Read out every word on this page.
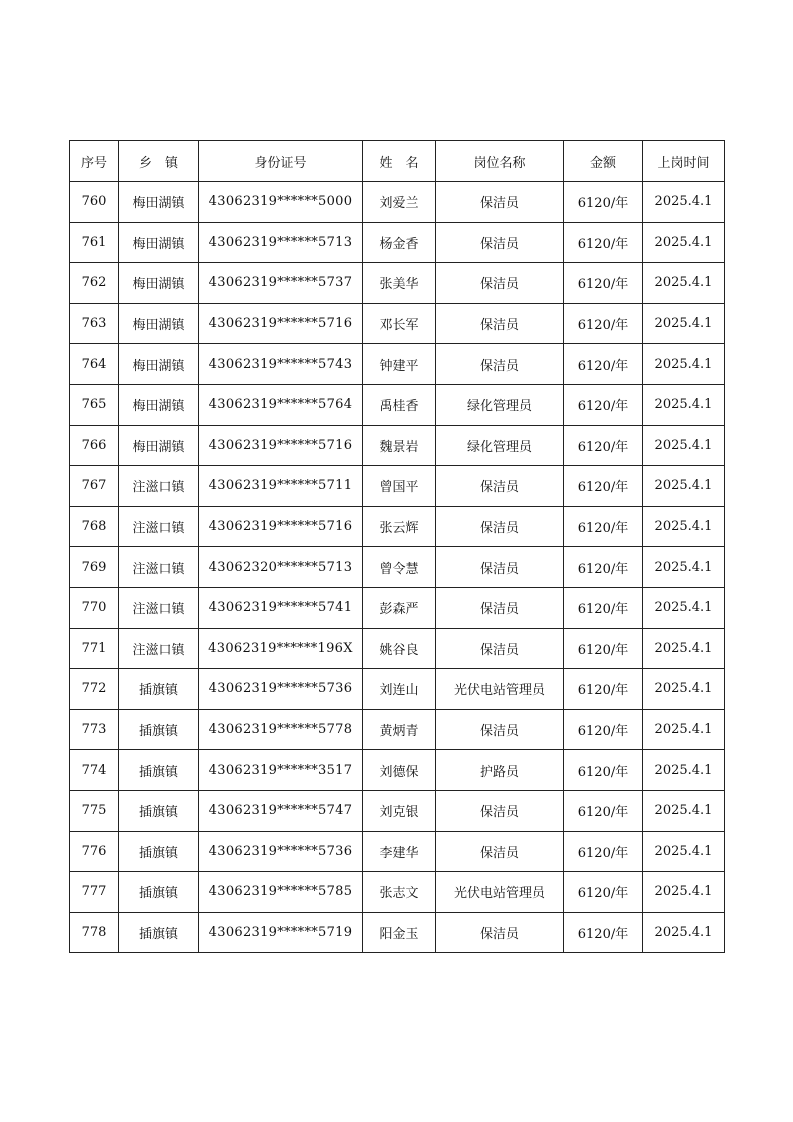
序号	乡　镇	身份证号	姓　名	岗位名称	金额	上岗时间
760	梅田湖镇	43062319******5000	刘爱兰	保洁员	6120/年	2025.4.1
761	梅田湖镇	43062319******5713	杨金香	保洁员	6120/年	2025.4.1
762	梅田湖镇	43062319******5737	张美华	保洁员	6120/年	2025.4.1
763	梅田湖镇	43062319******5716	邓长军	保洁员	6120/年	2025.4.1
764	梅田湖镇	43062319******5743	钟建平	保洁员	6120/年	2025.4.1
765	梅田湖镇	43062319******5764	禹桂香	绿化管理员	6120/年	2025.4.1
766	梅田湖镇	43062319******5716	魏景岩	绿化管理员	6120/年	2025.4.1
767	注滋口镇	43062319******5711	曾国平	保洁员	6120/年	2025.4.1
768	注滋口镇	43062319******5716	张云辉	保洁员	6120/年	2025.4.1
769	注滋口镇	43062320******5713	曾令慧	保洁员	6120/年	2025.4.1
770	注滋口镇	43062319******5741	彭森严	保洁员	6120/年	2025.4.1
771	注滋口镇	43062319******196X	姚谷良	保洁员	6120/年	2025.4.1
772	插旗镇	43062319******5736	刘连山	光伏电站管理员	6120/年	2025.4.1
773	插旗镇	43062319******5778	黄炳青	保洁员	6120/年	2025.4.1
774	插旗镇	43062319******3517	刘德保	护路员	6120/年	2025.4.1
775	插旗镇	43062319******5747	刘克银	保洁员	6120/年	2025.4.1
776	插旗镇	43062319******5736	李建华	保洁员	6120/年	2025.4.1
777	插旗镇	43062319******5785	张志文	光伏电站管理员	6120/年	2025.4.1
778	插旗镇	43062319******5719	阳金玉	保洁员	6120/年	2025.4.1
